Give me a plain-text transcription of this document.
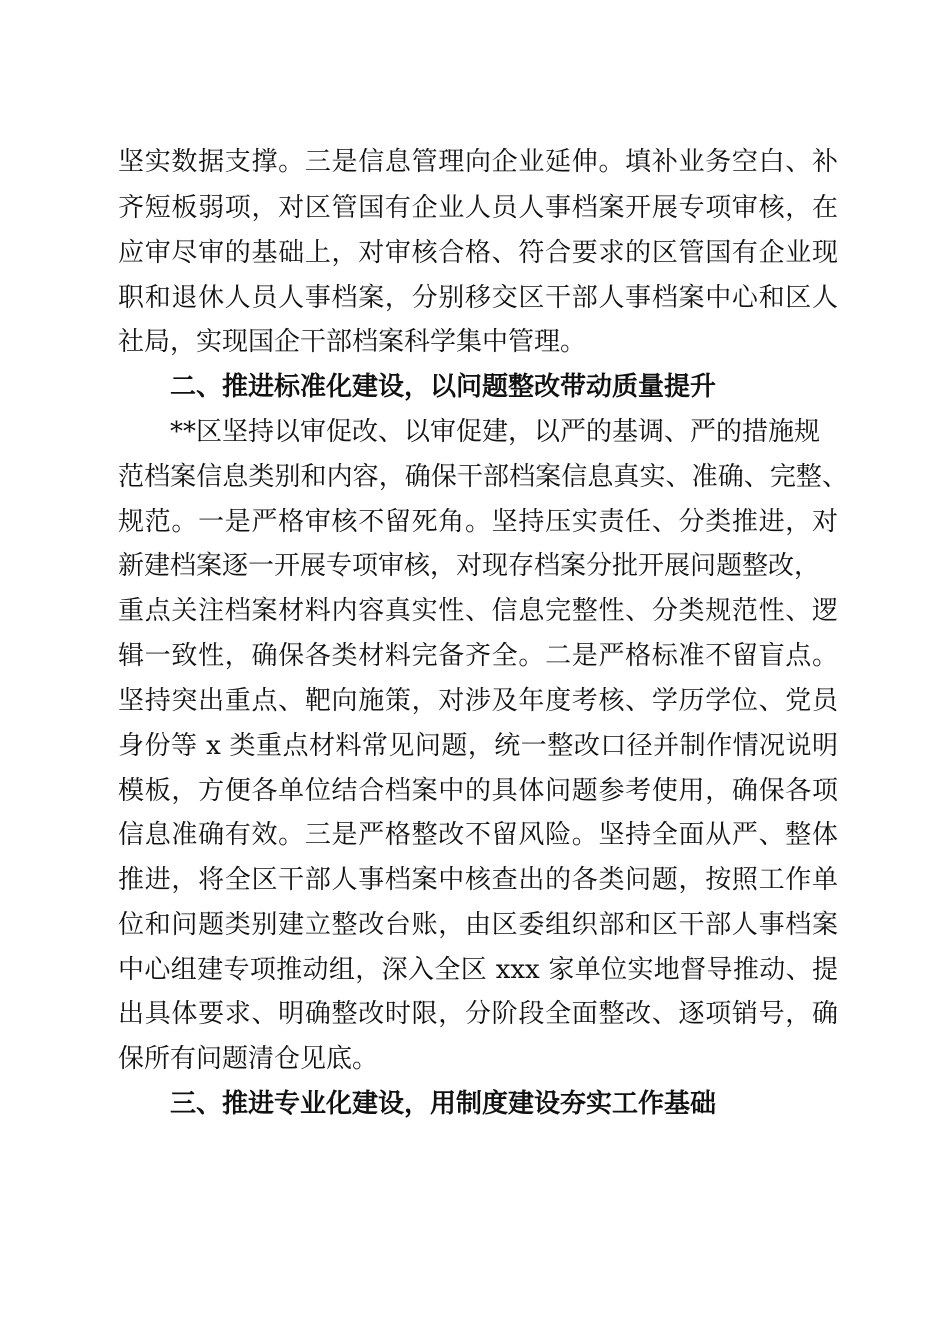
坚实数据支撑。三是信息管理向企业延伸。填补业务空白、补
齐短板弱项，对区管国有企业人员人事档案开展专项审核，在
应审尽审的基础上，对审核合格、符合要求的区管国有企业现
职和退休人员人事档案，分别移交区干部人事档案中心和区人
社局，实现国企干部档案科学集中管理。
二、推进标准化建设，以问题整改带动质量提升
**区坚持以审促改、以审促建，以严的基调、严的措施规
范档案信息类别和内容，确保干部档案信息真实、准确、完整、
规范。一是严格审核不留死角。坚持压实责任、分类推进，对
新建档案逐一开展专项审核，对现存档案分批开展问题整改，
重点关注档案材料内容真实性、信息完整性、分类规范性、逻
辑一致性，确保各类材料完备齐全。二是严格标准不留盲点。
坚持突出重点、靶向施策，对涉及年度考核、学历学位、党员
身份等 x 类重点材料常见问题，统一整改口径并制作情况说明
模板，方便各单位结合档案中的具体问题参考使用，确保各项
信息准确有效。三是严格整改不留风险。坚持全面从严、整体
推进，将全区干部人事档案中核查出的各类问题，按照工作单
位和问题类别建立整改台账，由区委组织部和区干部人事档案
中心组建专项推动组，深入全区 xxx 家单位实地督导推动、提
出具体要求、明确整改时限，分阶段全面整改、逐项销号，确
保所有问题清仓见底。
三、推进专业化建设，用制度建设夯实工作基础
